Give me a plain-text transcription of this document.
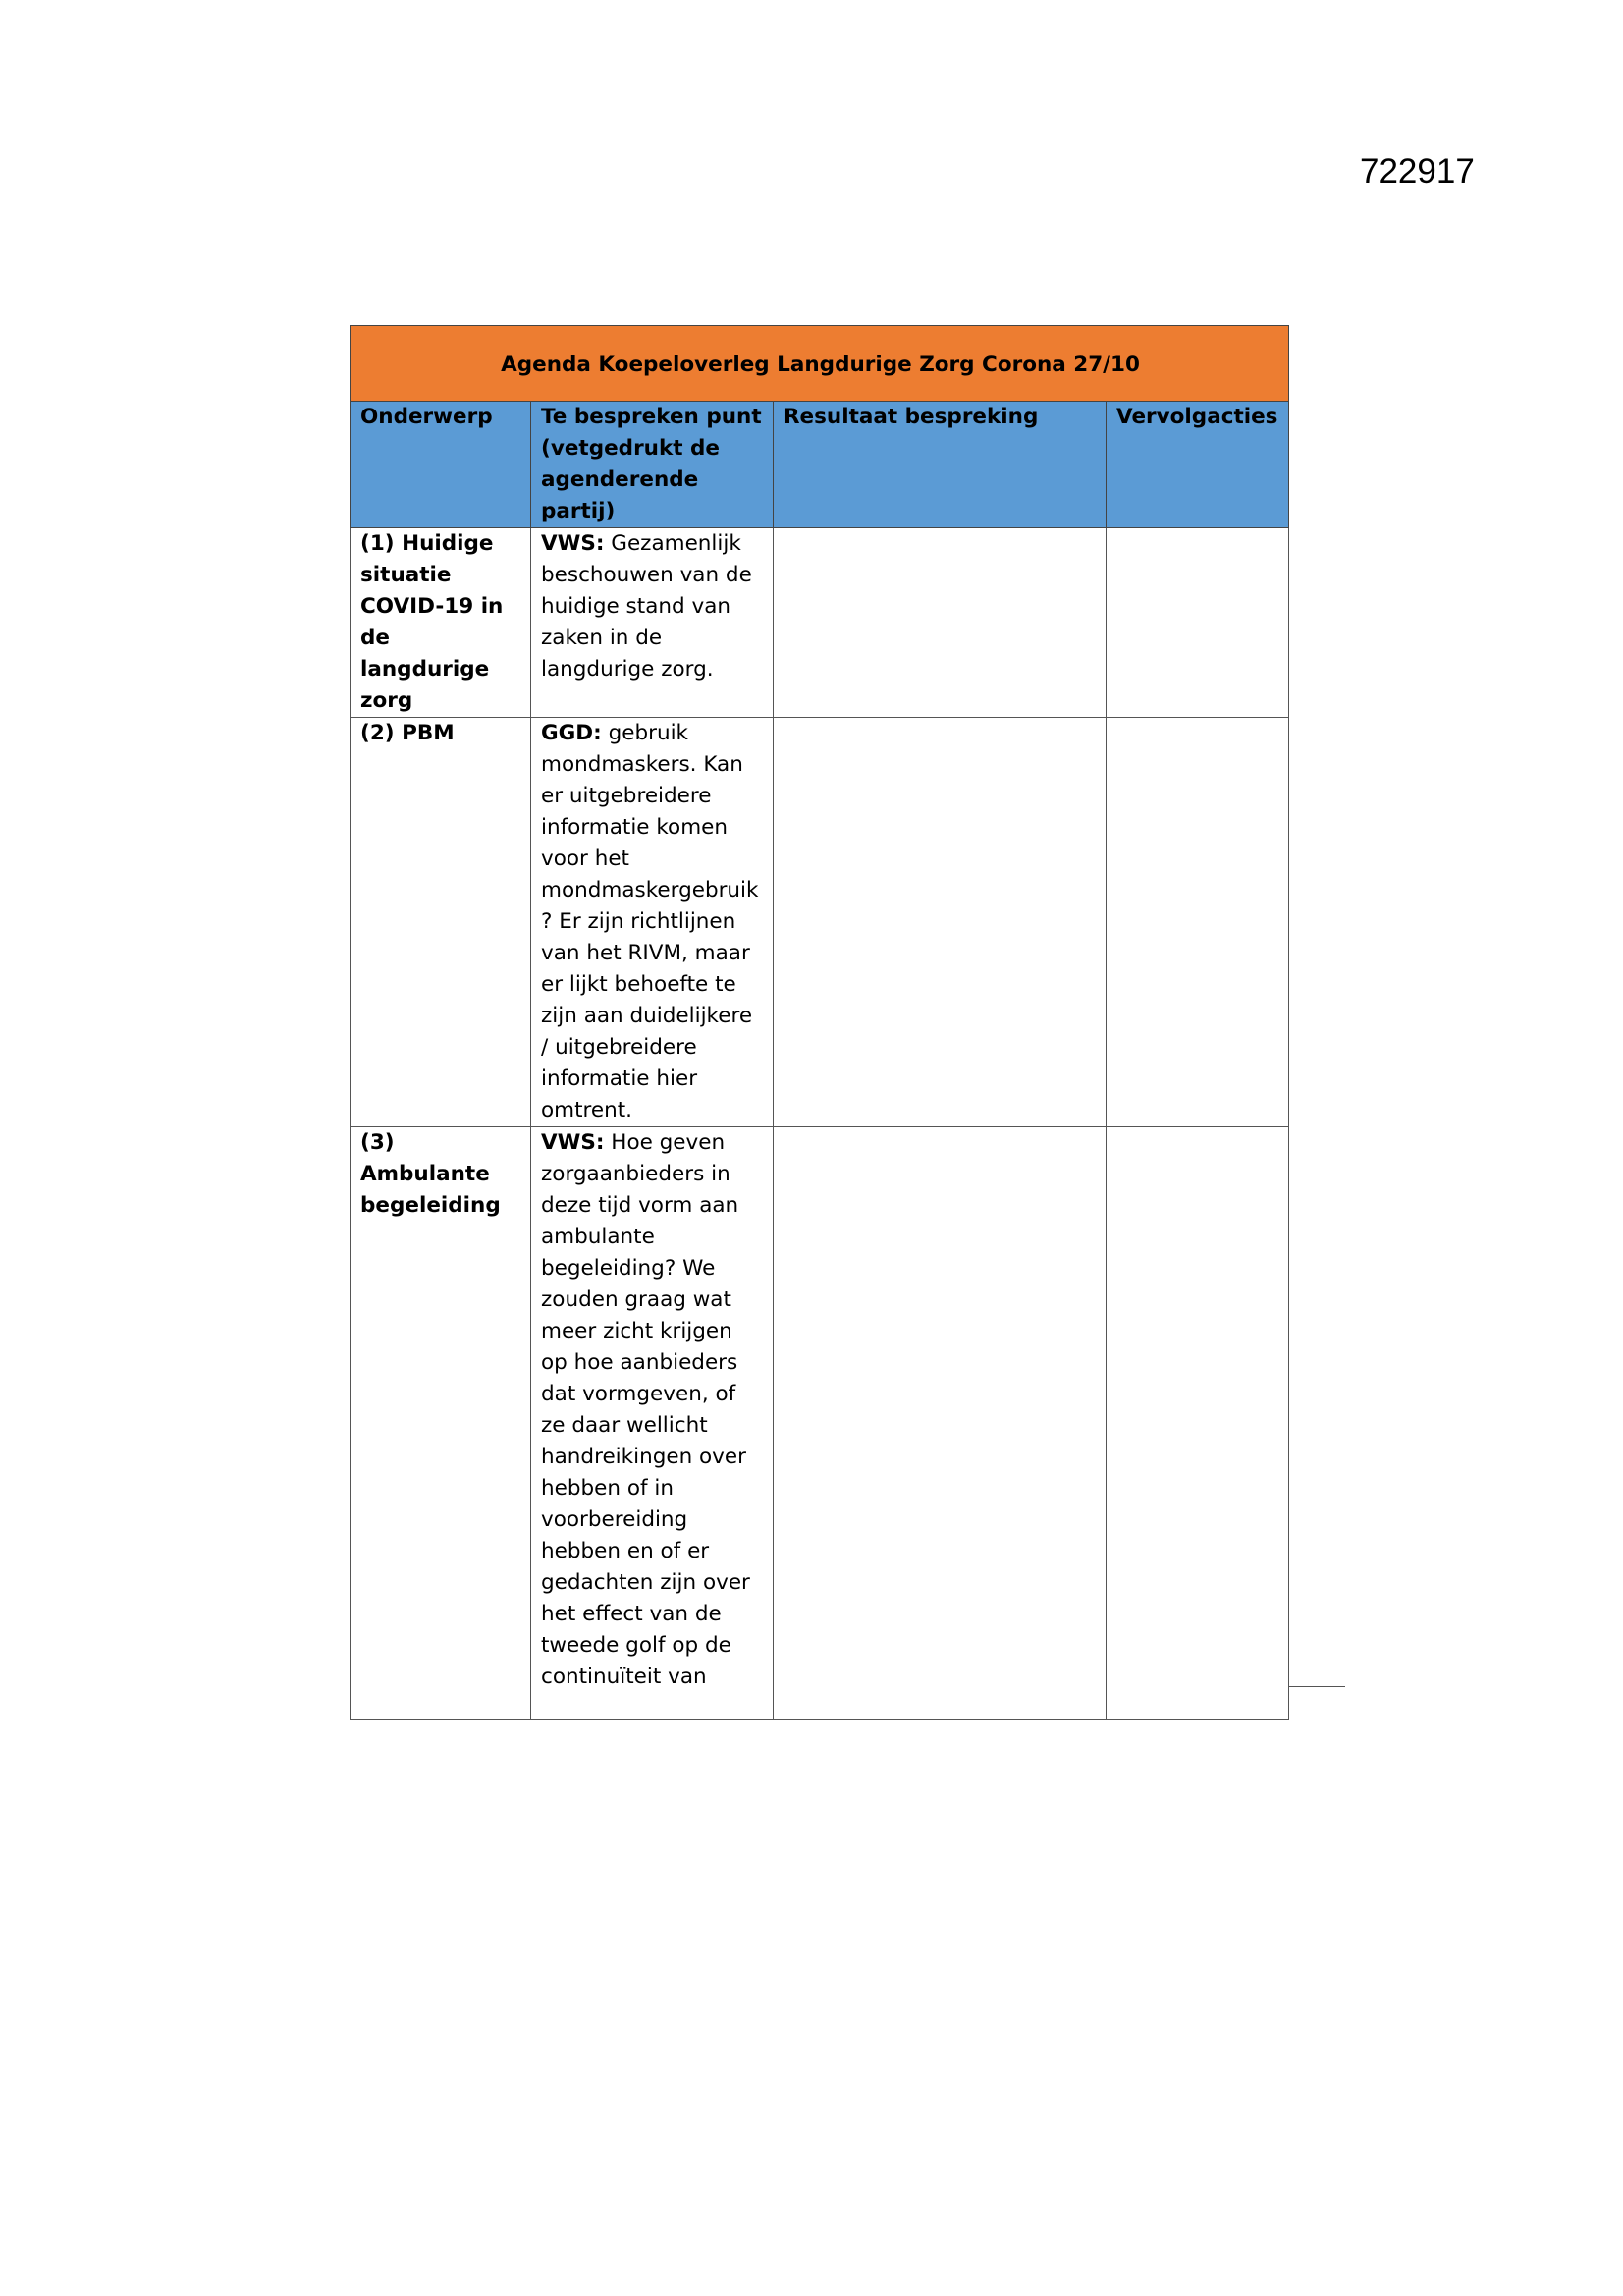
722917
Agenda Koepeloverleg Langdurige Zorg Corona 27/10			
Onderwerp	Te bespreken punt (vetgedrukt de agenderende partij)	Resultaat bespreking	Vervolgacties
(1) Huidige situatie COVID-19 in de langdurige zorg	VWS: Gezamenlijk beschouwen van de huidige stand van zaken in de langdurige zorg.		
(2) PBM	GGD: gebruik mondmaskers. Kan er uitgebreidere informatie komen voor het mondmaskergebruik ? Er zijn richtlijnen van het RIVM, maar er lijkt behoefte te zijn aan duidelijkere / uitgebreidere informatie hier omtrent.		
(3) Ambulante begeleiding	VWS: Hoe geven zorgaanbieders in deze tijd vorm aan ambulante begeleiding? We zouden graag wat meer zicht krijgen op hoe aanbieders dat vormgeven, of ze daar wellicht handreikingen over hebben of in voorbereiding hebben en of er gedachten zijn over het effect van de tweede golf op de continuïteit van		
